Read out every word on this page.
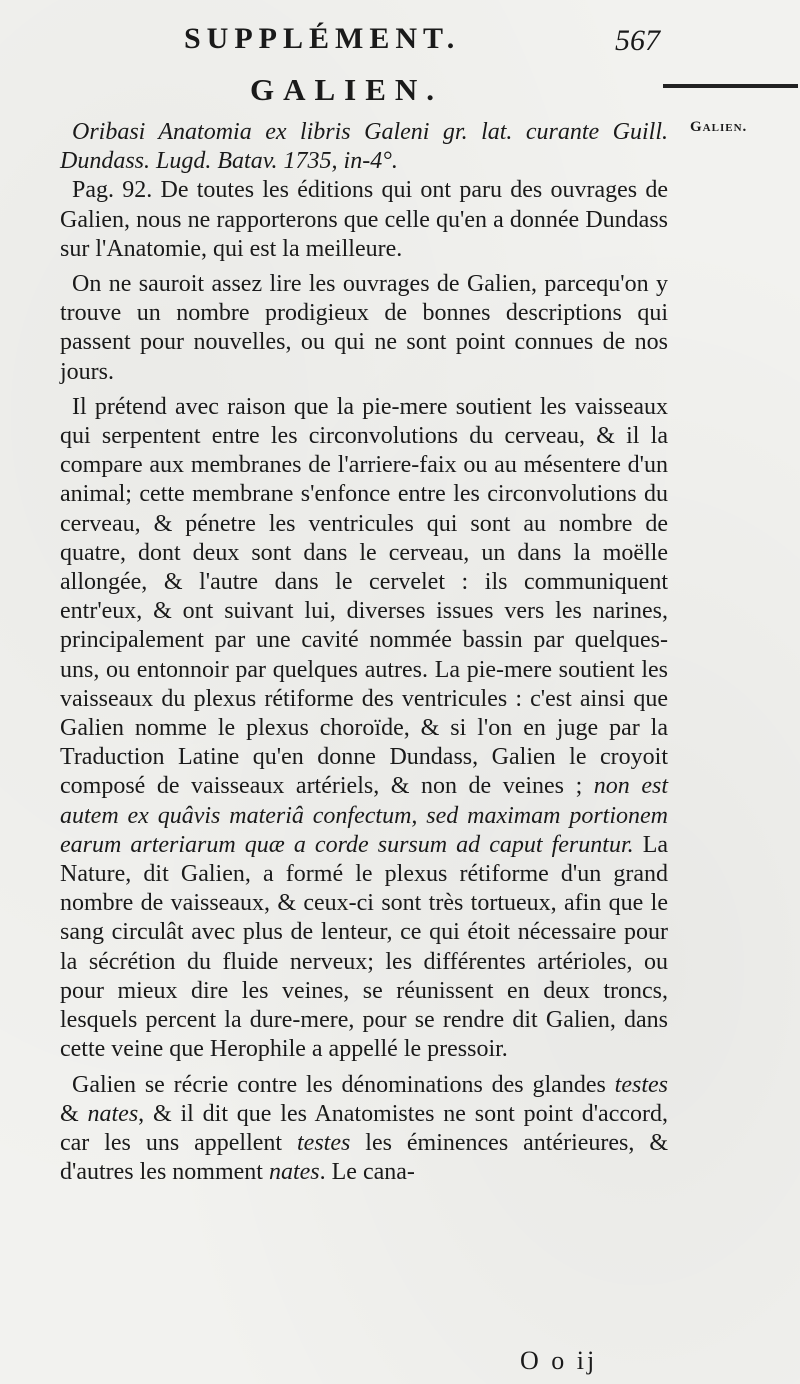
SUPPLÉMENT.	567
GALIEN.
Galien.

Oribasi Anatomia ex libris Galeni gr. lat. curante Guill. Dundass. Lugd. Batav. 1735, in-4°.

Pag. 92. De toutes les éditions qui ont paru des ouvrages de Galien, nous ne rapporterons que celle qu'en a donnée Dundass sur l'Anatomie, qui est la meilleure.

On ne sauroit assez lire les ouvrages de Galien, parcequ'on y trouve un nombre prodigieux de bonnes descriptions qui passent pour nouvelles, ou qui ne sont point connues de nos jours.

Il prétend avec raison que la pie-mere soutient les vaisseaux qui serpentent entre les circonvolutions du cerveau, & il la compare aux membranes de l'arriere-faix ou au mésentere d'un animal; cette membrane s'enfonce entre les circonvolutions du cerveau, & pénetre les ventricules qui sont au nombre de quatre, dont deux sont dans le cerveau, un dans la moëlle allongée, & l'autre dans le cervelet : ils communiquent entr'eux, & ont suivant lui, diverses issues vers les narines, principalement par une cavité nommée bassin par quelques-uns, ou entonnoir par quelques autres. La pie-mere soutient les vaisseaux du plexus rétiforme des ventricules : c'est ainsi que Galien nomme le plexus choroïde, & si l'on en juge par la Traduction Latine qu'en donne Dundass, Galien le croyoit composé de vaisseaux artériels, & non de veines ; non est autem ex quâvis materiâ confectum, sed maximam portionem earum arteriarum quæ a corde sursum ad caput feruntur. La Nature, dit Galien, a formé le plexus rétiforme d'un grand nombre de vaisseaux, & ceux-ci sont très tortueux, afin que le sang circulât avec plus de lenteur, ce qui étoit nécessaire pour la sécrétion du fluide nerveux; les différentes artérioles, ou pour mieux dire les veines, se réunissent en deux troncs, lesquels percent la dure-mere, pour se rendre dit Galien, dans cette veine que Herophile a appellé le pressoir.

Galien se récrie contre les dénominations des glandes testes & nates, & il dit que les Anatomistes ne sont point d'accord, car les uns appellent testes les éminences antérieures, & d'autres les nomment nates. Le cana-

O o ij
